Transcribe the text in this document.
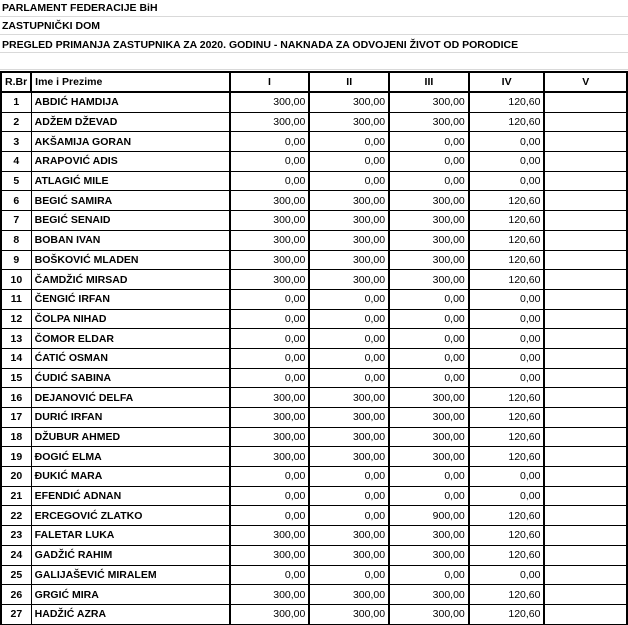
PARLAMENT FEDERACIJE BiH
ZASTUPNIČKI DOM
PREGLED PRIMANJA ZASTUPNIKA ZA 2020. GODINU - NAKNADA ZA ODVOJENI ŽIVOT OD PORODICE
R.Br	Ime i Prezime	I	II	III	IV	V
1	ABDIĆ HAMDIJA	300,00	300,00	300,00	120,60	
2	ADŽEM DŽEVAD	300,00	300,00	300,00	120,60	
3	AKŠAMIJA GORAN	0,00	0,00	0,00	0,00	
4	ARAPOVIĆ ADIS	0,00	0,00	0,00	0,00	
5	ATLAGIĆ MILE	0,00	0,00	0,00	0,00	
6	BEGIĆ SAMIRA	300,00	300,00	300,00	120,60	
7	BEGIĆ SENAID	300,00	300,00	300,00	120,60	
8	BOBAN IVAN	300,00	300,00	300,00	120,60	
9	BOŠKOVIĆ MLADEN	300,00	300,00	300,00	120,60	
10	ČAMDŽIĆ MIRSAD	300,00	300,00	300,00	120,60	
11	ČENGIĆ IRFAN	0,00	0,00	0,00	0,00	
12	ČOLPA NIHAD	0,00	0,00	0,00	0,00	
13	ČOMOR ELDAR	0,00	0,00	0,00	0,00	
14	ĆATIĆ OSMAN	0,00	0,00	0,00	0,00	
15	ĆUDIĆ SABINA	0,00	0,00	0,00	0,00	
16	DEJANOVIĆ DELFA	300,00	300,00	300,00	120,60	
17	DURIĆ IRFAN	300,00	300,00	300,00	120,60	
18	DŽUBUR AHMED	300,00	300,00	300,00	120,60	
19	ĐOGIĆ ELMA	300,00	300,00	300,00	120,60	
20	ĐUKIĆ MARA	0,00	0,00	0,00	0,00	
21	EFENDIĆ ADNAN	0,00	0,00	0,00	0,00	
22	ERCEGOVIĆ ZLATKO	0,00	0,00	900,00	120,60	
23	FALETAR LUKA	300,00	300,00	300,00	120,60	
24	GADŽIĆ RAHIM	300,00	300,00	300,00	120,60	
25	GALIJAŠEVIĆ MIRALEM	0,00	0,00	0,00	0,00	
26	GRGIĆ MIRA	300,00	300,00	300,00	120,60	
27	HADŽIĆ AZRA	300,00	300,00	300,00	120,60	
